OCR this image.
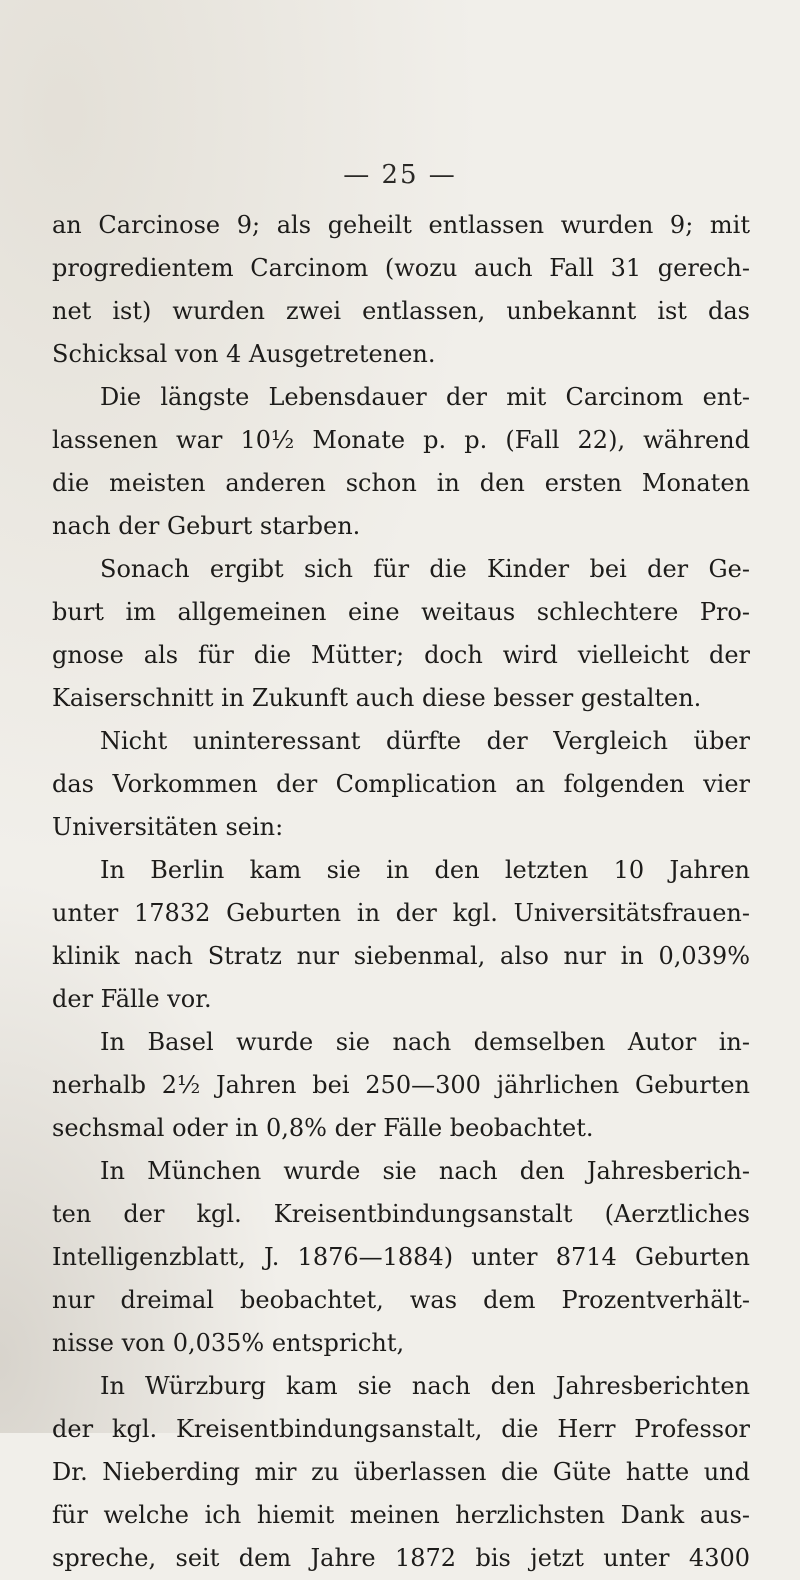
— 25 —
an Carcinose 9; als geheilt entlassen wurden 9; mit
progredientem Carcinom (wozu auch Fall 31 gerech-
net ist) wurden zwei entlassen, unbekannt ist das
Schicksal von 4 Ausgetretenen.
Die längste Lebensdauer der mit Carcinom ent-
lassenen war 10½ Monate p. p. (Fall 22), während
die meisten anderen schon in den ersten Monaten
nach der Geburt starben.
Sonach ergibt sich für die Kinder bei der Ge-
burt im allgemeinen eine weitaus schlechtere Pro-
gnose als für die Mütter; doch wird vielleicht der
Kaiserschnitt in Zukunft auch diese besser gestalten.
Nicht uninteressant dürfte der Vergleich über
das Vorkommen der Complication an folgenden vier
Universitäten sein:
In Berlin kam sie in den letzten 10 Jahren
unter 17832 Geburten in der kgl. Universitätsfrauen-
klinik nach Stratz nur siebenmal, also nur in 0,039%
der Fälle vor.
In Basel wurde sie nach demselben Autor in-
nerhalb 2½ Jahren bei 250—300 jährlichen Geburten
sechsmal oder in 0,8% der Fälle beobachtet.
In München wurde sie nach den Jahresberich-
ten der kgl. Kreisentbindungsanstalt (Aerztliches
Intelligenzblatt, J. 1876—1884) unter 8714 Geburten
nur dreimal beobachtet, was dem Prozentverhält-
nisse von 0,035% entspricht,
In Würzburg kam sie nach den Jahresberichten
der kgl. Kreisentbindungsanstalt, die Herr Professor
Dr. Nieberding mir zu überlassen die Güte hatte und
für welche ich hiemit meinen herzlichsten Dank aus-
spreche, seit dem Jahre 1872 bis jetzt unter 4300
